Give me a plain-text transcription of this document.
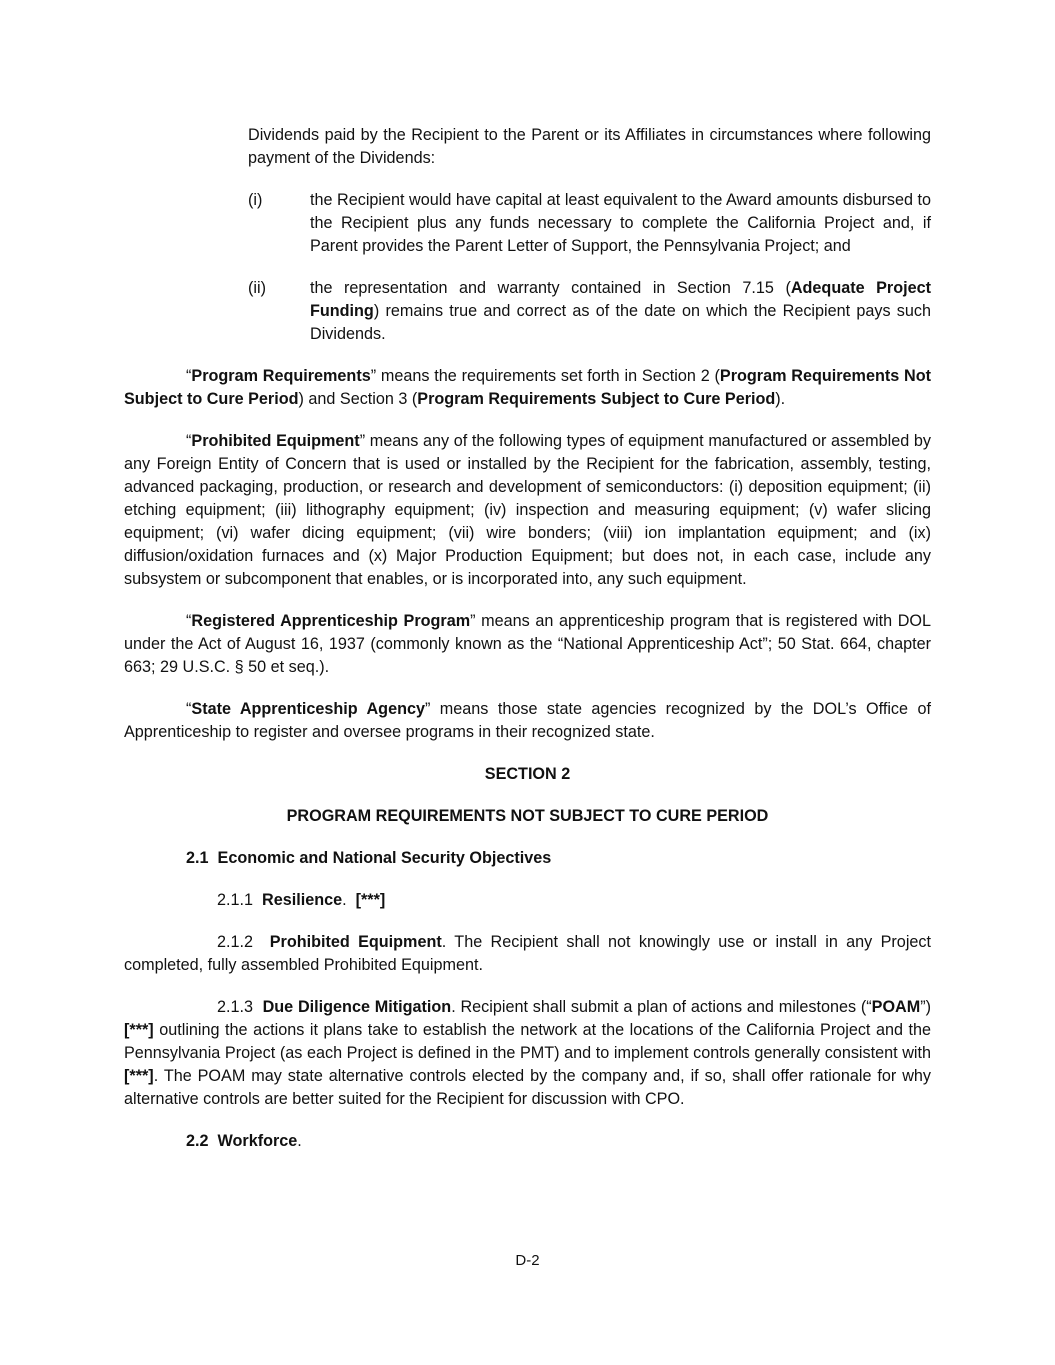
Dividends paid by the Recipient to the Parent or its Affiliates in circumstances where following payment of the Dividends:

(i)	the Recipient would have capital at least equivalent to the Award amounts disbursed to the Recipient plus any funds necessary to complete the California Project and, if Parent provides the Parent Letter of Support, the Pennsylvania Project; and
(ii)	the representation and warranty contained in Section 7.15 (Adequate Project Funding) remains true and correct as of the date on which the Recipient pays such Dividends.

“Program Requirements” means the requirements set forth in Section 2 (Program Requirements Not Subject to Cure Period) and Section 3 (Program Requirements Subject to Cure Period).

“Prohibited Equipment” means any of the following types of equipment manufactured or assembled by any Foreign Entity of Concern that is used or installed by the Recipient for the fabrication, assembly, testing, advanced packaging, production, or research and development of semiconductors: (i) deposition equipment; (ii) etching equipment; (iii) lithography equipment; (iv) inspection and measuring equipment; (v) wafer slicing equipment; (vi) wafer dicing equipment; (vii) wire bonders; (viii) ion implantation equipment; and (ix) diffusion/oxidation furnaces and (x) Major Production Equipment; but does not, in each case, include any subsystem or subcomponent that enables, or is incorporated into, any such equipment.

“Registered Apprenticeship Program” means an apprenticeship program that is registered with DOL under the Act of August 16, 1937 (commonly known as the “National Apprenticeship Act”; 50 Stat. 664, chapter 663; 29 U.S.C. § 50 et seq.).

“State Apprenticeship Agency” means those state agencies recognized by the DOL’s Office of Apprenticeship to register and oversee programs in their recognized state.

SECTION 2

PROGRAM REQUIREMENTS NOT SUBJECT TO CURE PERIOD

2.1 Economic and National Security Objectives

2.1.1 Resilience. [***]

2.1.2 Prohibited Equipment. The Recipient shall not knowingly use or install in any Project completed, fully assembled Prohibited Equipment.

2.1.3 Due Diligence Mitigation. Recipient shall submit a plan of actions and milestones (“POAM”) [***] outlining the actions it plans take to establish the network at the locations of the California Project and the Pennsylvania Project (as each Project is defined in the PMT) and to implement controls generally consistent with [***]. The POAM may state alternative controls elected by the company and, if so, shall offer rationale for why alternative controls are better suited for the Recipient for discussion with CPO.

2.2 Workforce.

D-2
